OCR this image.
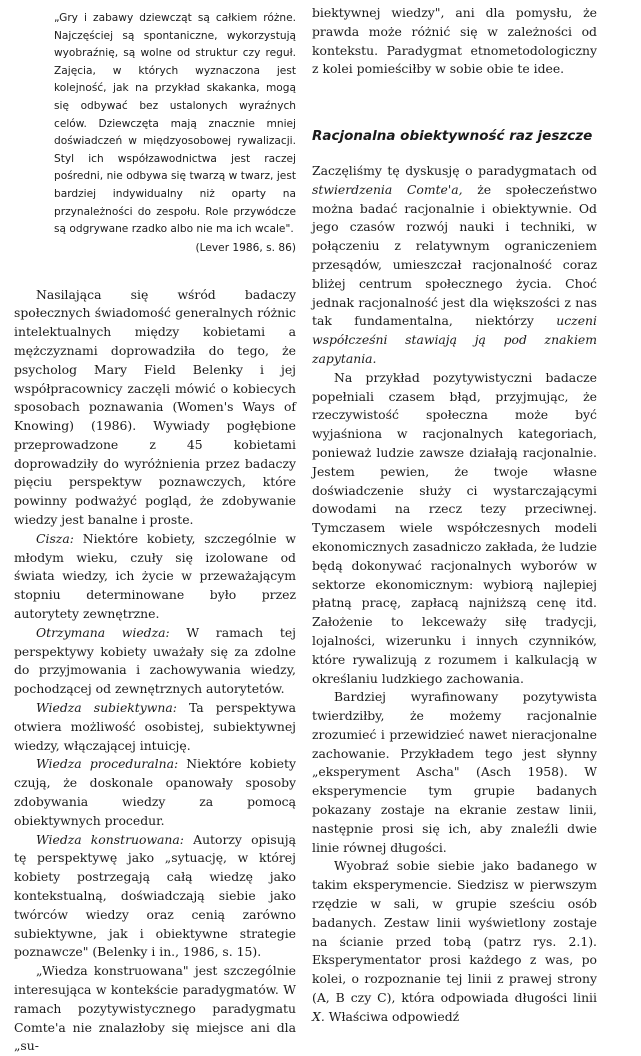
„Gry i zabawy dziewcząt są całkiem różne. Najczęściej są spontaniczne, wykorzystują wyobraźnię, są wolne od struktur czy reguł. Zajęcia, w których wyznaczona jest kolejność, jak na przykład skakanka, mogą się odbywać bez ustalonych wyraźnych celów. Dziewczęta mają znacznie mniej doświadczeń w międzyosobowej rywalizacji. Styl ich współzawodnictwa jest raczej pośredni, nie odbywa się twarzą w twarz, jest bardziej indywidualny niż oparty na przynależności do zespołu. Role przywódcze są odgrywane rzadko albo nie ma ich wcale".
(Lever 1986, s. 86)

Nasilająca się wśród badaczy społecznych świadomość generalnych różnic intelektualnych między kobietami a mężczyznami doprowadziła do tego, że psycholog Mary Field Belenky i jej współpracownicy zaczęli mówić o kobiecych sposobach poznawania (Women's Ways of Knowing) (1986). Wywiady pogłębione przeprowadzone z 45 kobietami doprowadziły do wyróżnienia przez badaczy pięciu perspektyw poznawczych, które powinny podważyć pogląd, że zdobywanie wiedzy jest banalne i proste.

Cisza: Niektóre kobiety, szczególnie w młodym wieku, czuły się izolowane od świata wiedzy, ich życie w przeważającym stopniu determinowane było przez autorytety zewnętrzne.

Otrzymana wiedza: W ramach tej perspektywy kobiety uważały się za zdolne do przyjmowania i zachowywania wiedzy, pochodzącej od zewnętrznych autorytetów.

Wiedza subiektywna: Ta perspektywa otwiera możliwość osobistej, subiektywnej wiedzy, włączającej intuicję.

Wiedza proceduralna: Niektóre kobiety czują, że doskonale opanowały sposoby zdobywania wiedzy za pomocą obiektywnych procedur.

Wiedza konstruowana: Autorzy opisują tę perspektywę jako „sytuację, w której kobiety postrzegają całą wiedzę jako kontekstualną, doświadczają siebie jako twórców wiedzy oraz cenią zarówno subiektywne, jak i obiektywne strategie poznawcze" (Belenky i in., 1986, s. 15).

„Wiedza konstruowana" jest szczególnie interesująca w kontekście paradygmatów. W ramach pozytywistycznego paradygmatu Comte'a nie znalazłoby się miejsce ani dla „su-

biektywnej wiedzy", ani dla pomysłu, że prawda może różnić się w zależności od kontekstu. Paradygmat etnometodologiczny z kolei pomieściłby w sobie obie te idee.

Racjonalna obiektywność raz jeszcze

Zaczęliśmy tę dyskusję o paradygmatach od stwierdzenia Comte'a, że społeczeństwo można badać racjonalnie i obiektywnie. Od jego czasów rozwój nauki i techniki, w połączeniu z relatywnym ograniczeniem przesądów, umieszczał racjonalność coraz bliżej centrum społecznego życia. Choć jednak racjonalność jest dla większości z nas tak fundamentalna, niektórzy uczeni współcześni stawiają ją pod znakiem zapytania.

Na przykład pozytywistyczni badacze popełniali czasem błąd, przyjmując, że rzeczywistość społeczna może być wyjaśniona w racjonalnych kategoriach, ponieważ ludzie zawsze działają racjonalnie. Jestem pewien, że twoje własne doświadczenie służy ci wystarczającymi dowodami na rzecz tezy przeciwnej. Tymczasem wiele współczesnych modeli ekonomicznych zasadniczo zakłada, że ludzie będą dokonywać racjonalnych wyborów w sektorze ekonomicznym: wybiorą najlepiej płatną pracę, zapłacą najniższą cenę itd. Założenie to lekceważy siłę tradycji, lojalności, wizerunku i innych czynników, które rywalizują z rozumem i kalkulacją w określaniu ludzkiego zachowania.

Bardziej wyrafinowany pozytywista twierdziłby, że możemy racjonalnie zrozumieć i przewidzieć nawet nieracjonalne zachowanie. Przykładem tego jest słynny „eksperyment Ascha" (Asch 1958). W eksperymencie tym grupie badanych pokazany zostaje na ekranie zestaw linii, następnie prosi się ich, aby znaleźli dwie linie równej długości.

Wyobraź sobie siebie jako badanego w takim eksperymencie. Siedzisz w pierwszym rzędzie w sali, w grupie sześciu osób badanych. Zestaw linii wyświetlony zostaje na ścianie przed tobą (patrz rys. 2.1). Eksperymentator prosi każdego z was, po kolei, o rozpoznanie tej linii z prawej strony (A, B czy C), która odpowiada długości linii X. Właściwa odpowiedź
